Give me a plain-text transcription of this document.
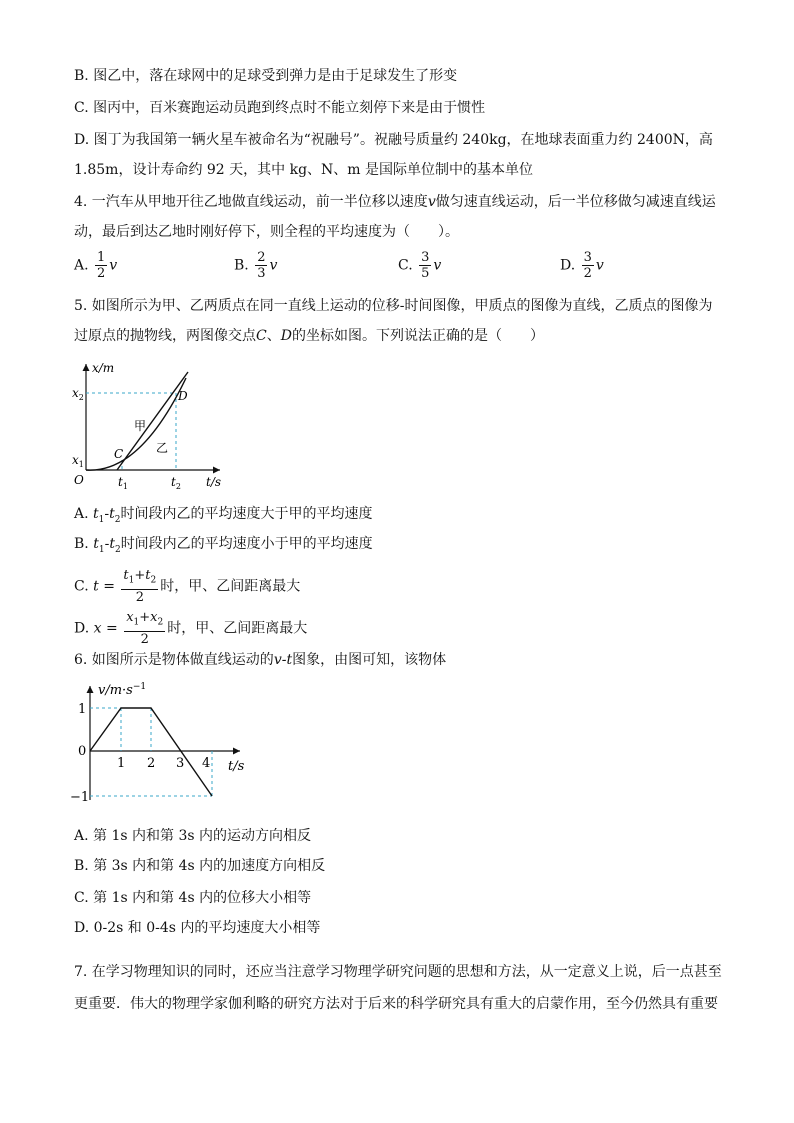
B. 图乙中，落在球网中的足球受到弹力是由于足球发生了形变
C. 图丙中，百米赛跑运动员跑到终点时不能立刻停下来是由于惯性
D. 图丁为我国第一辆火星车被命名为“祝融号”。祝融号质量约 240kg，在地球表面重力约 2400N，高
1.85m，设计寿命约 92 天，其中 kg、N、m 是国际单位制中的基本单位
4. 一汽车从甲地开往乙地做直线运动，前一半位移以速度v做匀速直线运动，后一半位移做匀减速直线运
动，最后到达乙地时刚好停下，则全程的平均速度为（　　）。
A. $\frac{1}{2}$ v	B. $\frac{2}{3}$ v	C. $\frac{3}{5}$ v	D. $\frac{3}{2}$ v
5. 如图所示为甲、乙两质点在同一直线上运动的位移-时间图像，甲质点的图像为直线，乙质点的图像为
过原点的抛物线，两图像交点C、D的坐标如图。下列说法正确的是（　　）
x/m
t/s
O
$x_2$
$x_1$
$t_1$	$t_2$
C
D
甲
乙
A. $t_1-t_2$时间段内乙的平均速度大于甲的平均速度
B. $t_1-t_2$时间段内乙的平均速度小于甲的平均速度
C. $t = \frac{t_1+t_2}{2}$ 时，甲、乙间距离最大
D. $x = \frac{x_1+x_2}{2}$ 时，甲、乙间距离最大
6. 如图所示是物体做直线运动的v-t图象，由图可知，该物体
$v/m\cdot s^{-1}$
t/s
1
0
−1
1 2 3 4
A. 第 1s 内和第 3s 内的运动方向相反
B. 第 3s 内和第 4s 内的加速度方向相反
C. 第 1s 内和第 4s 内的位移大小相等
D. 0-2s 和 0-4s 内的平均速度大小相等
7. 在学习物理知识的同时，还应当注意学习物理学研究问题的思想和方法，从一定意义上说，后一点甚至
更重要．伟大的物理学家伽利略的研究方法对于后来的科学研究具有重大的启蒙作用，至今仍然具有重要
